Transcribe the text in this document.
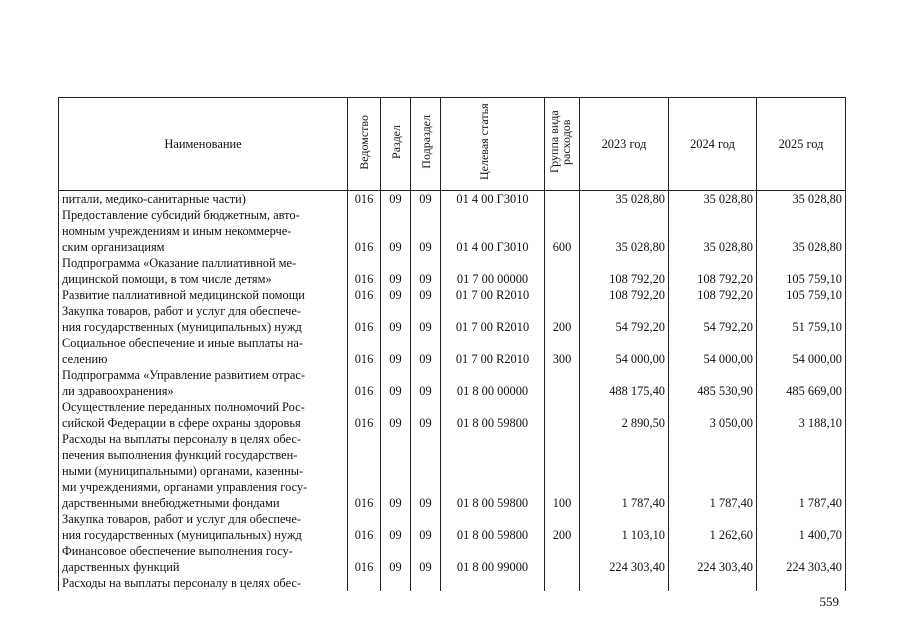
Наименование	Ведомство	Раздел	Подраздел	Целевая статья	Группа вида расходов	2023 год	2024 год	2025 год

питали, медико-санитарные части)	016	09	09	01 4 00 Г3010		35 028,80	35 028,80	35 028,80

Предоставление субсидий бюджетным, авто-
номным учреждениям и иным некоммерче-
ским организациям	016	09	09	01 4 00 Г3010	600	35 028,80	35 028,80	35 028,80

Подпрограмма «Оказание паллиативной ме-
дицинской помощи, в том числе детям»	016	09	09	01 7 00 00000		108 792,20	108 792,20	105 759,10

Развитие паллиативной медицинской помощи	016	09	09	01 7 00 R2010		108 792,20	108 792,20	105 759,10

Закупка товаров, работ и услуг для обеспече-
ния государственных (муниципальных) нужд	016	09	09	01 7 00 R2010	200	54 792,20	54 792,20	51 759,10

Социальное обеспечение и иные выплаты на-
селению	016	09	09	01 7 00 R2010	300	54 000,00	54 000,00	54 000,00

Подпрограмма «Управление развитием отрас-
ли здравоохранения»	016	09	09	01 8 00 00000		488 175,40	485 530,90	485 669,00

Осуществление переданных полномочий Рос-
сийской Федерации в сфере охраны здоровья	016	09	09	01 8 00 59800		2 890,50	3 050,00	3 188,10

Расходы на выплаты персоналу в целях обес-
печения выполнения функций государствен-
ными (муниципальными) органами, казенны-
ми учреждениями, органами управления госу-
дарственными внебюджетными фондами	016	09	09	01 8 00 59800	100	1 787,40	1 787,40	1 787,40

Закупка товаров, работ и услуг для обеспече-
ния государственных (муниципальных) нужд	016	09	09	01 8 00 59800	200	1 103,10	1 262,60	1 400,70

Финансовое обеспечение выполнения госу-
дарственных функций	016	09	09	01 8 00 99000		224 303,40	224 303,40	224 303,40

Расходы на выплаты персоналу в целях обес-								

559
